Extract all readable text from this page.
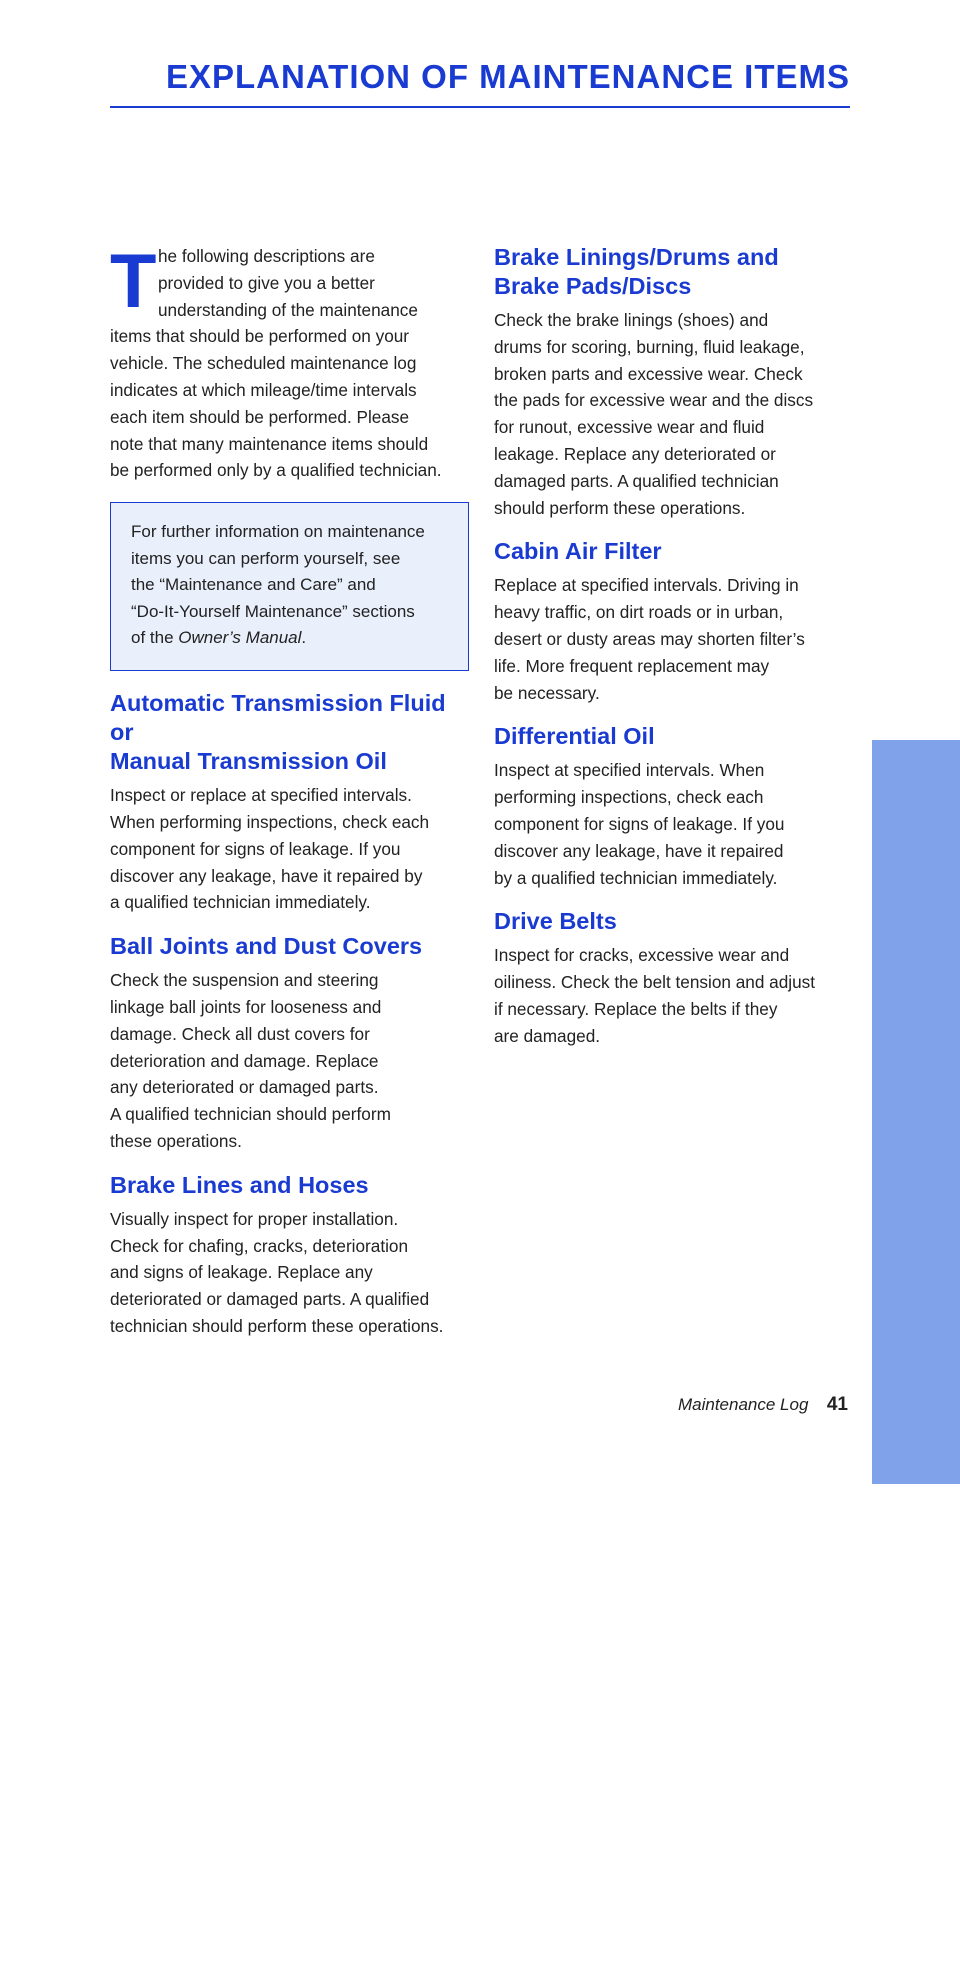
EXPLANATION OF MAINTENANCE ITEMS
T he following descriptions are
provided to give you a better
understanding of the maintenance
items that should be performed on your
vehicle. The scheduled maintenance log
indicates at which mileage/time intervals
each item should be performed. Please
note that many maintenance items should
be performed only by a qualified technician.

For further information on maintenance
items you can perform yourself, see
the “Maintenance and Care” and
“Do-It-Yourself Maintenance” sections
of the Owner’s Manual.

Automatic Transmission Fluid or
Manual Transmission Oil

Inspect or replace at specified intervals.
When performing inspections, check each
component for signs of leakage. If you
discover any leakage, have it repaired by
a qualified technician immediately.

Ball Joints and Dust Covers

Check the suspension and steering
linkage ball joints for looseness and
damage. Check all dust covers for
deterioration and damage. Replace
any deteriorated or damaged parts.
A qualified technician should perform
these operations.

Brake Lines and Hoses

Visually inspect for proper installation.
Check for chafing, cracks, deterioration
and signs of leakage. Replace any
deteriorated or damaged parts. A qualified
technician should perform these operations.

Brake Linings/Drums and
Brake Pads/Discs

Check the brake linings (shoes) and
drums for scoring, burning, fluid leakage,
broken parts and excessive wear. Check
the pads for excessive wear and the discs
for runout, excessive wear and fluid
leakage. Replace any deteriorated or
damaged parts. A qualified technician
should perform these operations.

Cabin Air Filter

Replace at specified intervals. Driving in
heavy traffic, on dirt roads or in urban,
desert or dusty areas may shorten filter’s
life. More frequent replacement may
be necessary.

Differential Oil

Inspect at specified intervals. When
performing inspections, check each
component for signs of leakage. If you
discover any leakage, have it repaired
by a qualified technician immediately.

Drive Belts

Inspect for cracks, excessive wear and
oiliness. Check the belt tension and adjust
if necessary. Replace the belts if they
are damaged.

MAINTENANCE
Maintenance Log 41
